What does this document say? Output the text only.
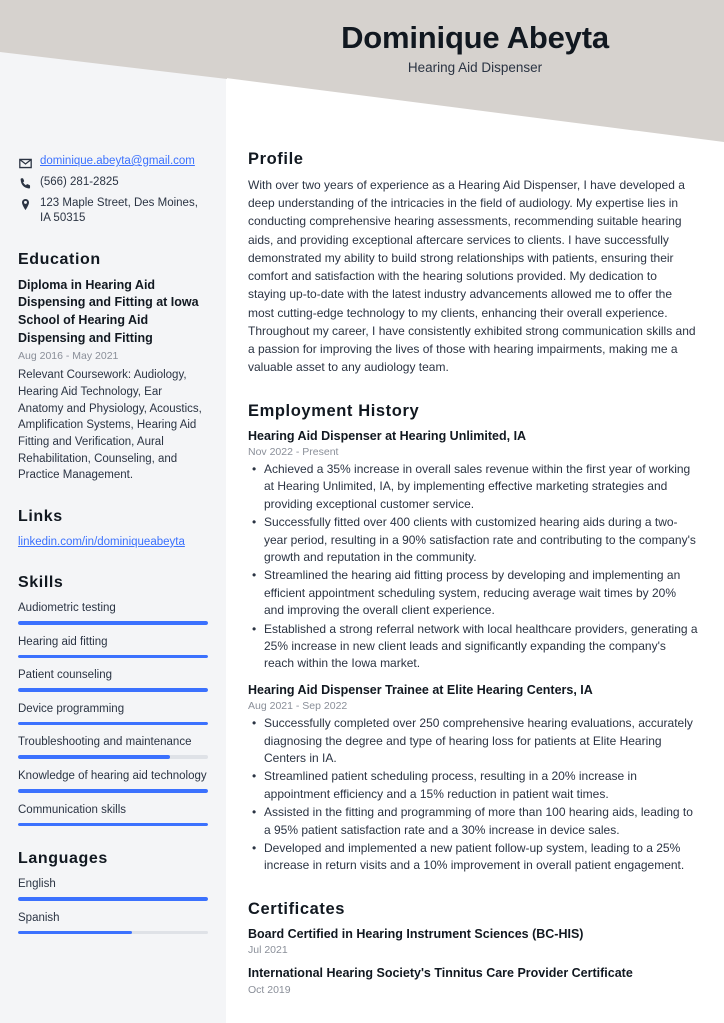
Dominique Abeyta
Hearing Aid Dispenser
dominique.abeyta@gmail.com
(566) 281-2825
123 Maple Street, Des Moines, IA 50315
Education
Diploma in Hearing Aid Dispensing and Fitting at Iowa School of Hearing Aid Dispensing and Fitting
Aug 2016 - May 2021
Relevant Coursework: Audiology, Hearing Aid Technology, Ear Anatomy and Physiology, Acoustics, Amplification Systems, Hearing Aid Fitting and Verification, Aural Rehabilitation, Counseling, and Practice Management.
Links
linkedin.com/in/dominiqueabeyta
Skills
Audiometric testing
Hearing aid fitting
Patient counseling
Device programming
Troubleshooting and maintenance
Knowledge of hearing aid technology
Communication skills
Languages
English
Spanish
Profile
With over two years of experience as a Hearing Aid Dispenser, I have developed a deep understanding of the intricacies in the field of audiology. My expertise lies in conducting comprehensive hearing assessments, recommending suitable hearing aids, and providing exceptional aftercare services to clients. I have successfully demonstrated my ability to build strong relationships with patients, ensuring their comfort and satisfaction with the hearing solutions provided. My dedication to staying up-to-date with the latest industry advancements allowed me to offer the most cutting-edge technology to my clients, enhancing their overall experience. Throughout my career, I have consistently exhibited strong communication skills and a passion for improving the lives of those with hearing impairments, making me a valuable asset to any audiology team.
Employment History
Hearing Aid Dispenser at Hearing Unlimited, IA
Nov 2022 - Present
• Achieved a 35% increase in overall sales revenue within the first year of working at Hearing Unlimited, IA, by implementing effective marketing strategies and providing exceptional customer service.
• Successfully fitted over 400 clients with customized hearing aids during a two-year period, resulting in a 90% satisfaction rate and contributing to the company's growth and reputation in the community.
• Streamlined the hearing aid fitting process by developing and implementing an efficient appointment scheduling system, reducing average wait times by 20% and improving the overall client experience.
• Established a strong referral network with local healthcare providers, generating a 25% increase in new client leads and significantly expanding the company's reach within the Iowa market.
Hearing Aid Dispenser Trainee at Elite Hearing Centers, IA
Aug 2021 - Sep 2022
• Successfully completed over 250 comprehensive hearing evaluations, accurately diagnosing the degree and type of hearing loss for patients at Elite Hearing Centers in IA.
• Streamlined patient scheduling process, resulting in a 20% increase in appointment efficiency and a 15% reduction in patient wait times.
• Assisted in the fitting and programming of more than 100 hearing aids, leading to a 95% patient satisfaction rate and a 30% increase in device sales.
• Developed and implemented a new patient follow-up system, leading to a 25% increase in return visits and a 10% improvement in overall patient engagement.
Certificates
Board Certified in Hearing Instrument Sciences (BC-HIS)
Jul 2021
International Hearing Society's Tinnitus Care Provider Certificate
Oct 2019
